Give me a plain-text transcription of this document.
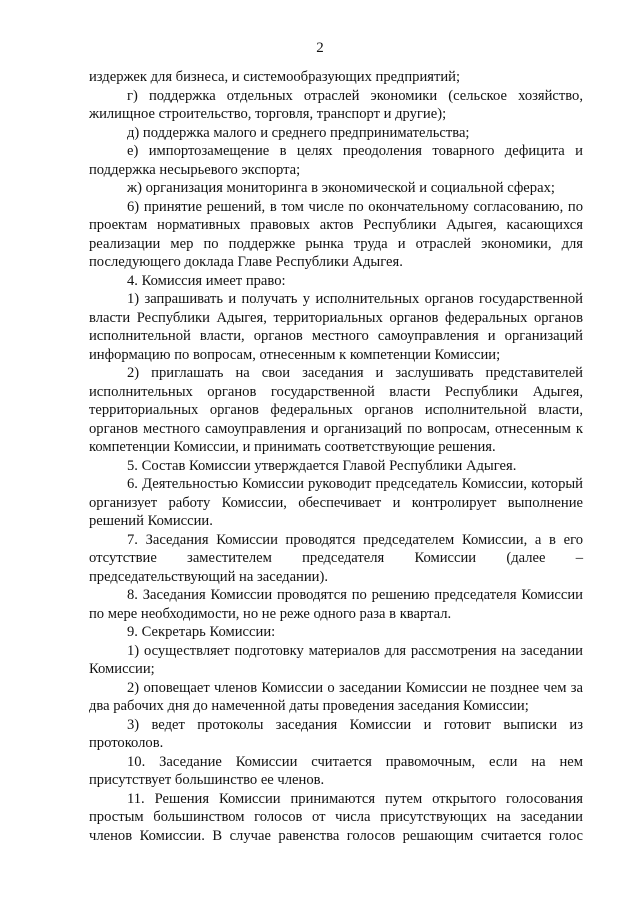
2

издержек для бизнеса, и системообразующих предприятий;

г) поддержка отдельных отраслей экономики (сельское хозяйство, жилищное строительство, торговля, транспорт и другие);

д) поддержка малого и среднего предпринимательства;

е) импортозамещение в целях преодоления товарного дефицита и поддержка несырьевого экспорта;

ж) организация мониторинга в экономической и социальной сферах;

6) принятие решений, в том числе по окончательному согласованию, по проектам нормативных правовых актов Республики Адыгея, касающихся реализации мер по поддержке рынка труда и отраслей экономики, для последующего доклада Главе Республики Адыгея.

4. Комиссия имеет право:

1) запрашивать и получать у исполнительных органов государственной власти Республики Адыгея, территориальных органов федеральных органов исполнительной власти, органов местного самоуправления и организаций информацию по вопросам, отнесенным к компетенции Комиссии;

2) приглашать на свои заседания и заслушивать представителей исполнительных органов государственной власти Республики Адыгея, территориальных органов федеральных органов исполнительной власти, органов местного самоуправления и организаций по вопросам, отнесенным к компетенции Комиссии, и принимать соответствующие решения.

5. Состав Комиссии утверждается Главой Республики Адыгея.

6. Деятельностью Комиссии руководит председатель Комиссии, который организует работу Комиссии, обеспечивает и контролирует выполнение решений Комиссии.

7. Заседания Комиссии проводятся председателем Комиссии, а в его отсутствие заместителем председателя Комиссии (далее – председательствующий на заседании).

8. Заседания Комиссии проводятся по решению председателя Комиссии по мере необходимости, но не реже одного раза в квартал.

9. Секретарь Комиссии:

1) осуществляет подготовку материалов для рассмотрения на заседании Комиссии;

2) оповещает членов Комиссии о заседании Комиссии не позднее чем за два рабочих дня до намеченной даты проведения заседания Комиссии;

3) ведет протоколы заседания Комиссии и готовит выписки из протоколов.

10. Заседание Комиссии считается правомочным, если на нем присутствует большинство ее членов.

11. Решения Комиссии принимаются путем открытого голосования простым большинством голосов от числа присутствующих на заседании членов Комиссии. В случае равенства голосов решающим считается голос
